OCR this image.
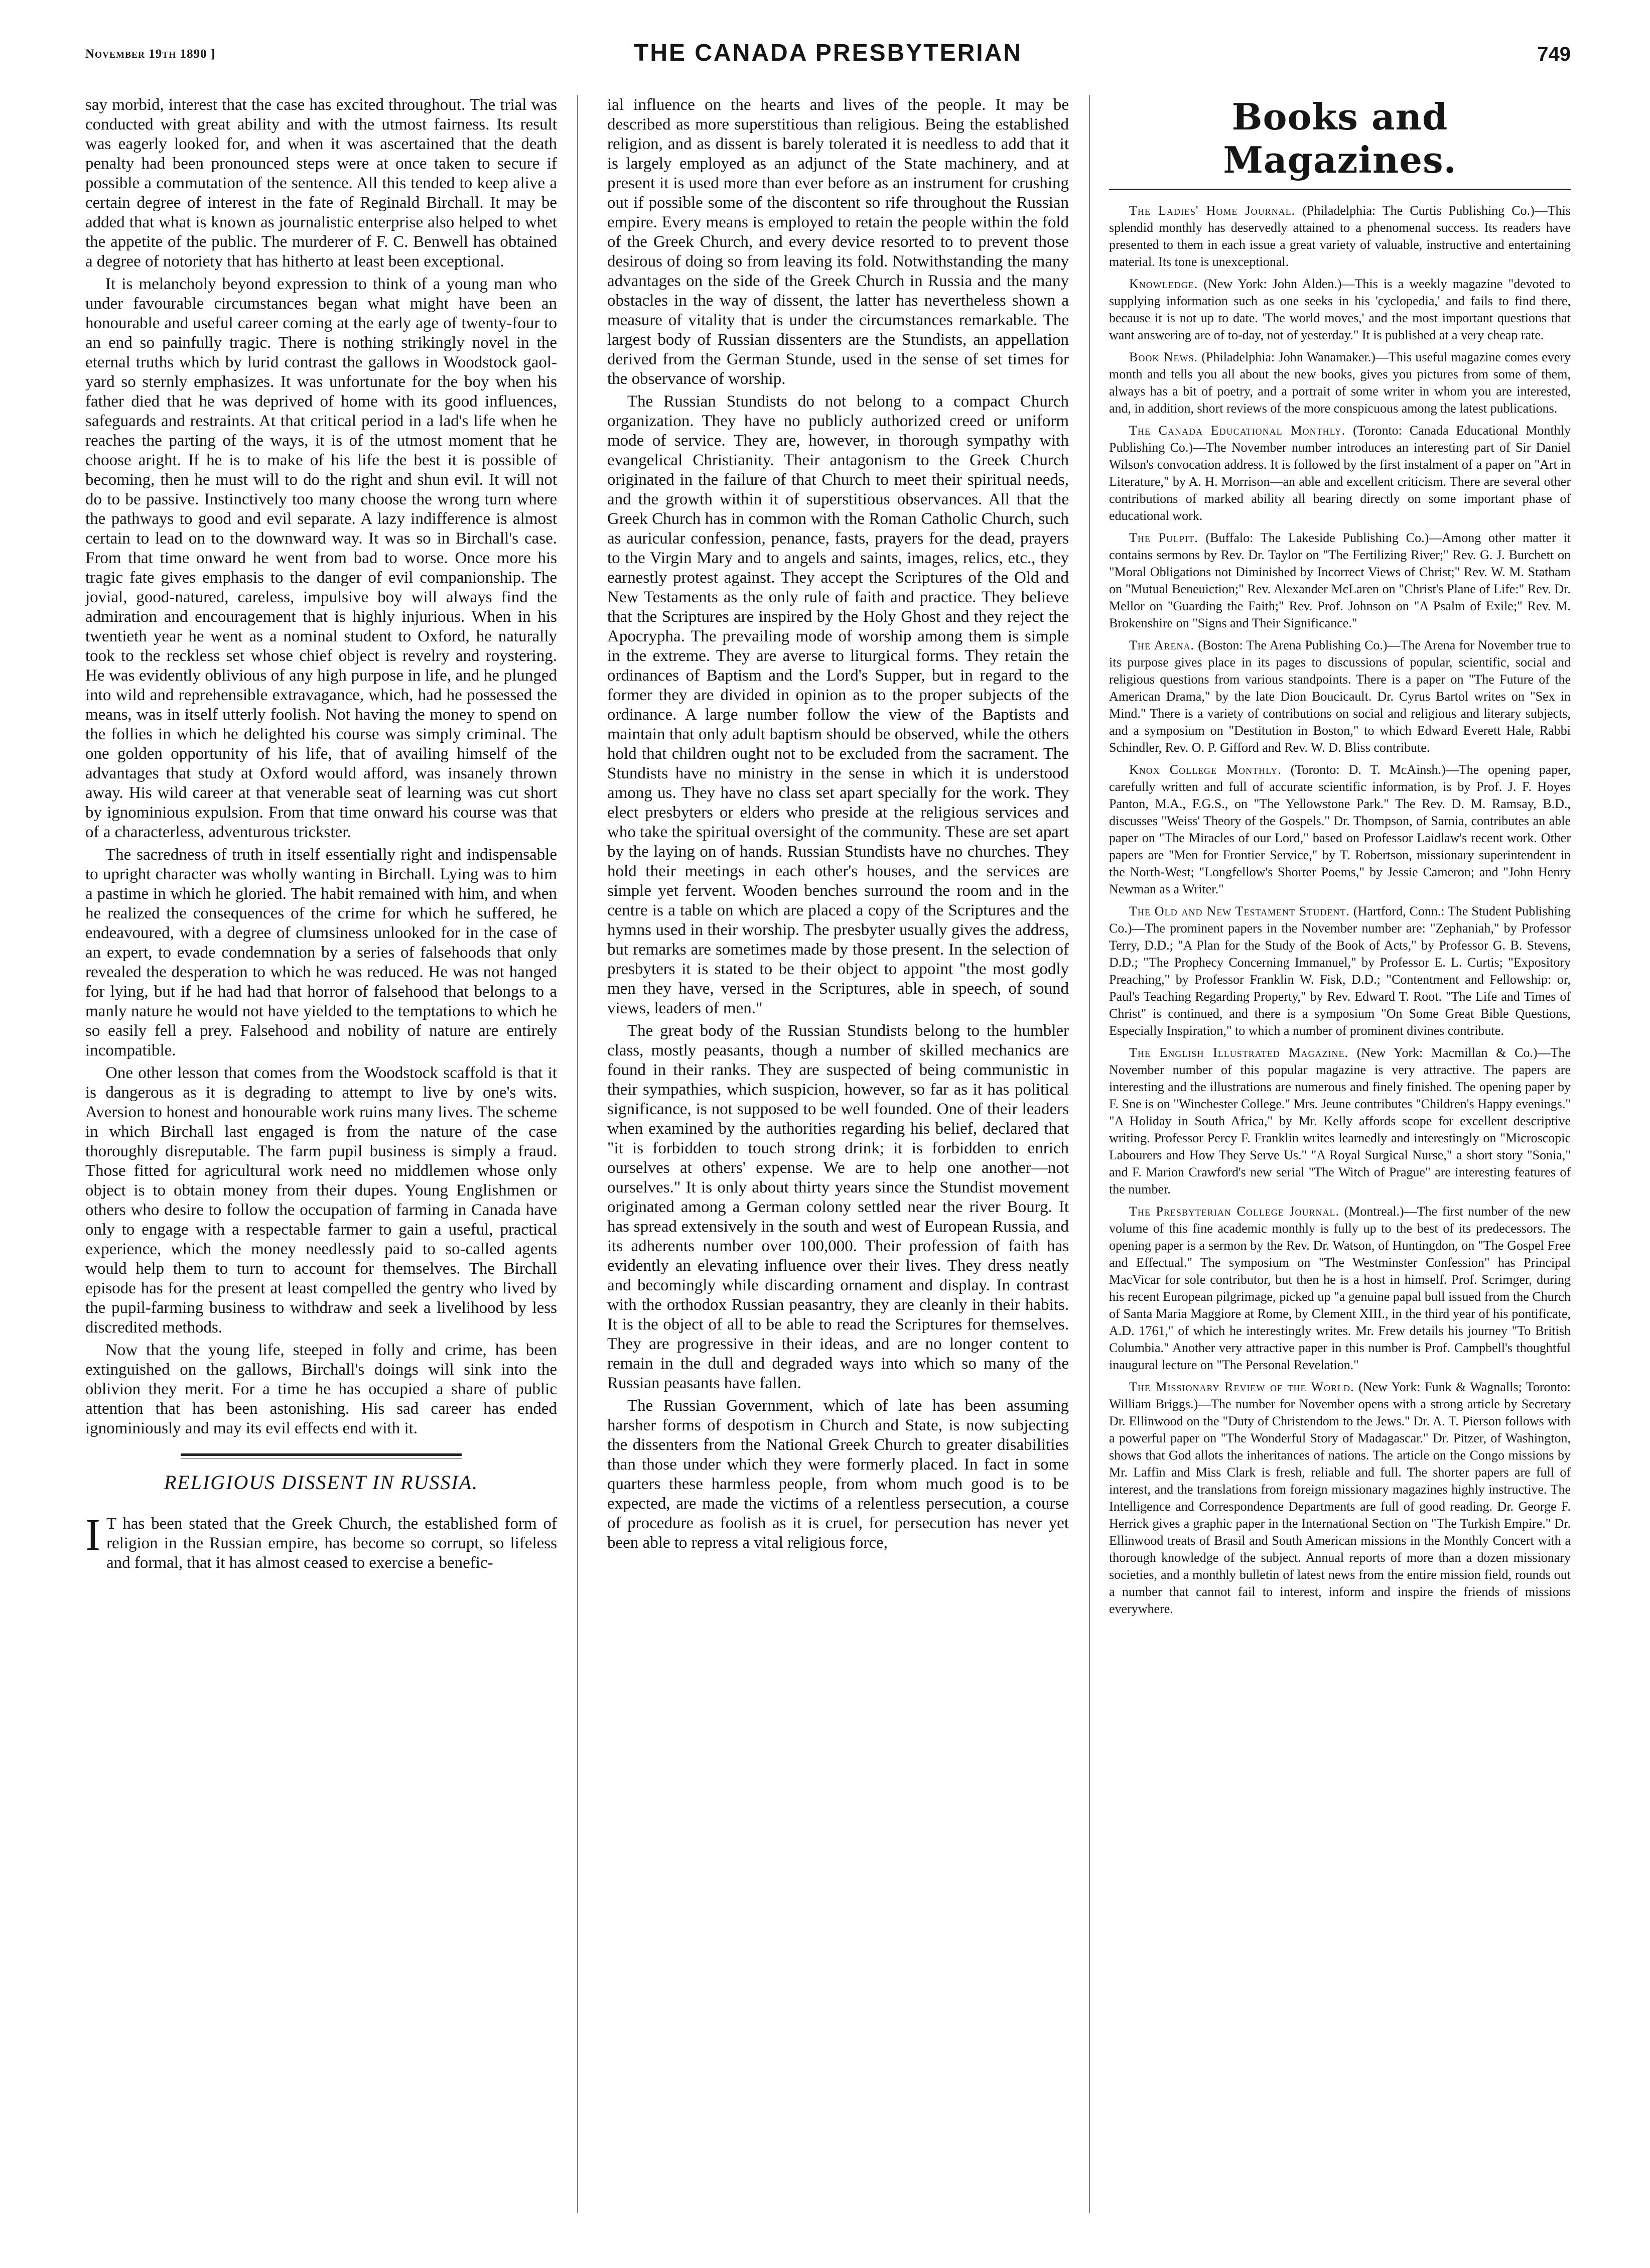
November 19th 1890 ]	THE CANADA PRESBYTERIAN	749

say morbid, interest that the case has excited throughout. The trial was conducted with great ability and with the utmost fairness. Its result was eagerly looked for, and when it was ascertained that the death penalty had been pronounced steps were at once taken to secure if possible a commutation of the sentence. All this tended to keep alive a certain degree of interest in the fate of Reginald Birchall. It may be added that what is known as journalistic enterprise also helped to whet the appetite of the public. The murderer of F. C. Benwell has obtained a degree of notoriety that has hitherto at least been exceptional.

It is melancholy beyond expression to think of a young man who under favourable circumstances began what might have been an honourable and useful career coming at the early age of twenty-four to an end so painfully tragic. There is nothing strikingly novel in the eternal truths which by lurid contrast the gallows in Woodstock gaol-yard so sternly emphasizes. It was unfortunate for the boy when his father died that he was deprived of home with its good influences, safeguards and restraints. At that critical period in a lad's life when he reaches the parting of the ways, it is of the utmost moment that he choose aright. If he is to make of his life the best it is possible of becoming, then he must will to do the right and shun evil. It will not do to be passive. Instinctively too many choose the wrong turn where the pathways to good and evil separate. A lazy indifference is almost certain to lead on to the downward way. It was so in Birchall's case. From that time onward he went from bad to worse. Once more his tragic fate gives emphasis to the danger of evil companionship. The jovial, good-natured, careless, impulsive boy will always find the admiration and encouragement that is highly injurious. When in his twentieth year he went as a nominal student to Oxford, he naturally took to the reckless set whose chief object is revelry and roystering. He was evidently oblivious of any high purpose in life, and he plunged into wild and reprehensible extravagance, which, had he possessed the means, was in itself utterly foolish. Not having the money to spend on the follies in which he delighted his course was simply criminal. The one golden opportunity of his life, that of availing himself of the advantages that study at Oxford would afford, was insanely thrown away. His wild career at that venerable seat of learning was cut short by ignominious expulsion. From that time onward his course was that of a characterless, adventurous trickster.

The sacredness of truth in itself essentially right and indispensable to upright character was wholly wanting in Birchall. Lying was to him a pastime in which he gloried. The habit remained with him, and when he realized the consequences of the crime for which he suffered, he endeavoured, with a degree of clumsiness unlooked for in the case of an expert, to evade condemnation by a series of falsehoods that only revealed the desperation to which he was reduced. He was not hanged for lying, but if he had had that horror of falsehood that belongs to a manly nature he would not have yielded to the temptations to which he so easily fell a prey. Falsehood and nobility of nature are entirely incompatible.

One other lesson that comes from the Woodstock scaffold is that it is dangerous as it is degrading to attempt to live by one's wits. Aversion to honest and honourable work ruins many lives. The scheme in which Birchall last engaged is from the nature of the case thoroughly disreputable. The farm pupil business is simply a fraud. Those fitted for agricultural work need no middlemen whose only object is to obtain money from their dupes. Young Englishmen or others who desire to follow the occupation of farming in Canada have only to engage with a respectable farmer to gain a useful, practical experience, which the money needlessly paid to so-called agents would help them to turn to account for themselves. The Birchall episode has for the present at least compelled the gentry who lived by the pupil-farming business to withdraw and seek a livelihood by less discredited methods.

Now that the young life, steeped in folly and crime, has been extinguished on the gallows, Birchall's doings will sink into the oblivion they merit. For a time he has occupied a share of public attention that has been astonishing. His sad career has ended ignominiously and may its evil effects end with it.

RELIGIOUS DISSENT IN RUSSIA.

I T has been stated that the Greek Church, the established form of religion in the Russian empire, has become so corrupt, so lifeless and formal, that it has almost ceased to exercise a benefic-

ial influence on the hearts and lives of the people. It may be described as more superstitious than religious. Being the established religion, and as dissent is barely tolerated it is needless to add that it is largely employed as an adjunct of the State machinery, and at present it is used more than ever before as an instrument for crushing out if possible some of the discontent so rife throughout the Russian empire. Every means is employed to retain the people within the fold of the Greek Church, and every device resorted to to prevent those desirous of doing so from leaving its fold. Notwithstanding the many advantages on the side of the Greek Church in Russia and the many obstacles in the way of dissent, the latter has nevertheless shown a measure of vitality that is under the circumstances remarkable. The largest body of Russian dissenters are the Stundists, an appellation derived from the German Stunde, used in the sense of set times for the observance of worship.

The Russian Stundists do not belong to a compact Church organization. They have no publicly authorized creed or uniform mode of service. They are, however, in thorough sympathy with evangelical Christianity. Their antagonism to the Greek Church originated in the failure of that Church to meet their spiritual needs, and the growth within it of superstitious observances. All that the Greek Church has in common with the Roman Catholic Church, such as auricular confession, penance, fasts, prayers for the dead, prayers to the Virgin Mary and to angels and saints, images, relics, etc., they earnestly protest against. They accept the Scriptures of the Old and New Testaments as the only rule of faith and practice. They believe that the Scriptures are inspired by the Holy Ghost and they reject the Apocrypha. The prevailing mode of worship among them is simple in the extreme. They are averse to liturgical forms. They retain the ordinances of Baptism and the Lord's Supper, but in regard to the former they are divided in opinion as to the proper subjects of the ordinance. A large number follow the view of the Baptists and maintain that only adult baptism should be observed, while the others hold that children ought not to be excluded from the sacrament. The Stundists have no ministry in the sense in which it is understood among us. They have no class set apart specially for the work. They elect presbyters or elders who preside at the religious services and who take the spiritual oversight of the community. These are set apart by the laying on of hands. Russian Stundists have no churches. They hold their meetings in each other's houses, and the services are simple yet fervent. Wooden benches surround the room and in the centre is a table on which are placed a copy of the Scriptures and the hymns used in their worship. The presbyter usually gives the address, but remarks are sometimes made by those present. In the selection of presbyters it is stated to be their object to appoint "the most godly men they have, versed in the Scriptures, able in speech, of sound views, leaders of men."

The great body of the Russian Stundists belong to the humbler class, mostly peasants, though a number of skilled mechanics are found in their ranks. They are suspected of being communistic in their sympathies, which suspicion, however, so far as it has political significance, is not supposed to be well founded. One of their leaders when examined by the authorities regarding his belief, declared that "it is forbidden to touch strong drink; it is forbidden to enrich ourselves at others' expense. We are to help one another—not ourselves." It is only about thirty years since the Stundist movement originated among a German colony settled near the river Bourg. It has spread extensively in the south and west of European Russia, and its adherents number over 100,000. Their profession of faith has evidently an elevating influence over their lives. They dress neatly and becomingly while discarding ornament and display. In contrast with the orthodox Russian peasantry, they are cleanly in their habits. It is the object of all to be able to read the Scriptures for themselves. They are progressive in their ideas, and are no longer content to remain in the dull and degraded ways into which so many of the Russian peasants have fallen.

The Russian Government, which of late has been assuming harsher forms of despotism in Church and State, is now subjecting the dissenters from the National Greek Church to greater disabilities than those under which they were formerly placed. In fact in some quarters these harmless people, from whom much good is to be expected, are made the victims of a relentless persecution, a course of procedure as foolish as it is cruel, for persecution has never yet been able to repress a vital religious force,

Books and Magazines.

The Ladies' Home Journal. (Philadelphia: The Curtis Publishing Co.)—This splendid monthly has deservedly attained to a phenomenal success. Its readers have presented to them in each issue a great variety of valuable, instructive and entertaining material. Its tone is unexceptional.

Knowledge. (New York: John Alden.)—This is a weekly magazine "devoted to supplying information such as one seeks in his 'cyclopedia,' and fails to find there, because it is not up to date. 'The world moves,' and the most important questions that want answering are of to-day, not of yesterday." It is published at a very cheap rate.

Book News. (Philadelphia: John Wanamaker.)—This useful magazine comes every month and tells you all about the new books, gives you pictures from some of them, always has a bit of poetry, and a portrait of some writer in whom you are interested, and, in addition, short reviews of the more conspicuous among the latest publications.

The Canada Educational Monthly. (Toronto: Canada Educational Monthly Publishing Co.)—The November number introduces an interesting part of Sir Daniel Wilson's convocation address. It is followed by the first instalment of a paper on "Art in Literature," by A. H. Morrison—an able and excellent criticism. There are several other contributions of marked ability all bearing directly on some important phase of educational work.

The Pulpit. (Buffalo: The Lakeside Publishing Co.)—Among other matter it contains sermons by Rev. Dr. Taylor on "The Fertilizing River;" Rev. G. J. Burchett on "Moral Obligations not Diminished by Incorrect Views of Christ;" Rev. W. M. Statham on "Mutual Beneuiction;" Rev. Alexander McLaren on "Christ's Plane of Life:" Rev. Dr. Mellor on "Guarding the Faith;" Rev. Prof. Johnson on "A Psalm of Exile;" Rev. M. Brokenshire on "Signs and Their Significance."

The Arena. (Boston: The Arena Publishing Co.)—The Arena for November true to its purpose gives place in its pages to discussions of popular, scientific, social and religious questions from various standpoints. There is a paper on "The Future of the American Drama," by the late Dion Boucicault. Dr. Cyrus Bartol writes on "Sex in Mind." There is a variety of contributions on social and religious and literary subjects, and a symposium on "Destitution in Boston," to which Edward Everett Hale, Rabbi Schindler, Rev. O. P. Gifford and Rev. W. D. Bliss contribute.

Knox College Monthly. (Toronto: D. T. McAinsh.)—The opening paper, carefully written and full of accurate scientific information, is by Prof. J. F. Hoyes Panton, M.A., F.G.S., on "The Yellowstone Park." The Rev. D. M. Ramsay, B.D., discusses "Weiss' Theory of the Gospels." Dr. Thompson, of Sarnia, contributes an able paper on "The Miracles of our Lord," based on Professor Laidlaw's recent work. Other papers are "Men for Frontier Service," by T. Robertson, missionary superintendent in the North-West; "Longfellow's Shorter Poems," by Jessie Cameron; and "John Henry Newman as a Writer."

The Old and New Testament Student. (Hartford, Conn.: The Student Publishing Co.)—The prominent papers in the November number are: "Zephaniah," by Professor Terry, D.D.; "A Plan for the Study of the Book of Acts," by Professor G. B. Stevens, D.D.; "The Prophecy Concerning Immanuel," by Professor E. L. Curtis; "Expository Preaching," by Professor Franklin W. Fisk, D.D.; "Contentment and Fellowship: or, Paul's Teaching Regarding Property," by Rev. Edward T. Root. "The Life and Times of Christ" is continued, and there is a symposium "On Some Great Bible Questions, Especially Inspiration," to which a number of prominent divines contribute.

The English Illustrated Magazine. (New York: Macmillan & Co.)—The November number of this popular magazine is very attractive. The papers are interesting and the illustrations are numerous and finely finished. The opening paper by F. Sne is on "Winchester College." Mrs. Jeune contributes "Children's Happy evenings." "A Holiday in South Africa," by Mr. Kelly affords scope for excellent descriptive writing. Professor Percy F. Franklin writes learnedly and interestingly on "Microscopic Labourers and How They Serve Us." "A Royal Surgical Nurse," a short story "Sonia," and F. Marion Crawford's new serial "The Witch of Prague" are interesting features of the number.

The Presbyterian College Journal. (Montreal.)—The first number of the new volume of this fine academic monthly is fully up to the best of its predecessors. The opening paper is a sermon by the Rev. Dr. Watson, of Huntingdon, on "The Gospel Free and Effectual." The symposium on "The Westminster Confession" has Principal MacVicar for sole contributor, but then he is a host in himself. Prof. Scrimger, during his recent European pilgrimage, picked up "a genuine papal bull issued from the Church of Santa Maria Maggiore at Rome, by Clement XIII., in the third year of his pontificate, A.D. 1761," of which he interestingly writes. Mr. Frew details his journey "To British Columbia." Another very attractive paper in this number is Prof. Campbell's thoughtful inaugural lecture on "The Personal Revelation."

The Missionary Review of the World. (New York: Funk & Wagnalls; Toronto: William Briggs.)—The number for November opens with a strong article by Secretary Dr. Ellinwood on the "Duty of Christendom to the Jews." Dr. A. T. Pierson follows with a powerful paper on "The Wonderful Story of Madagascar." Dr. Pitzer, of Washington, shows that God allots the inheritances of nations. The article on the Congo missions by Mr. Laffin and Miss Clark is fresh, reliable and full. The shorter papers are full of interest, and the translations from foreign missionary magazines highly instructive. The Intelligence and Correspondence Departments are full of good reading. Dr. George F. Herrick gives a graphic paper in the International Section on "The Turkish Empire." Dr. Ellinwood treats of Brasil and South American missions in the Monthly Concert with a thorough knowledge of the subject. Annual reports of more than a dozen missionary societies, and a monthly bulletin of latest news from the entire mission field, rounds out a number that cannot fail to interest, inform and inspire the friends of missions everywhere.
